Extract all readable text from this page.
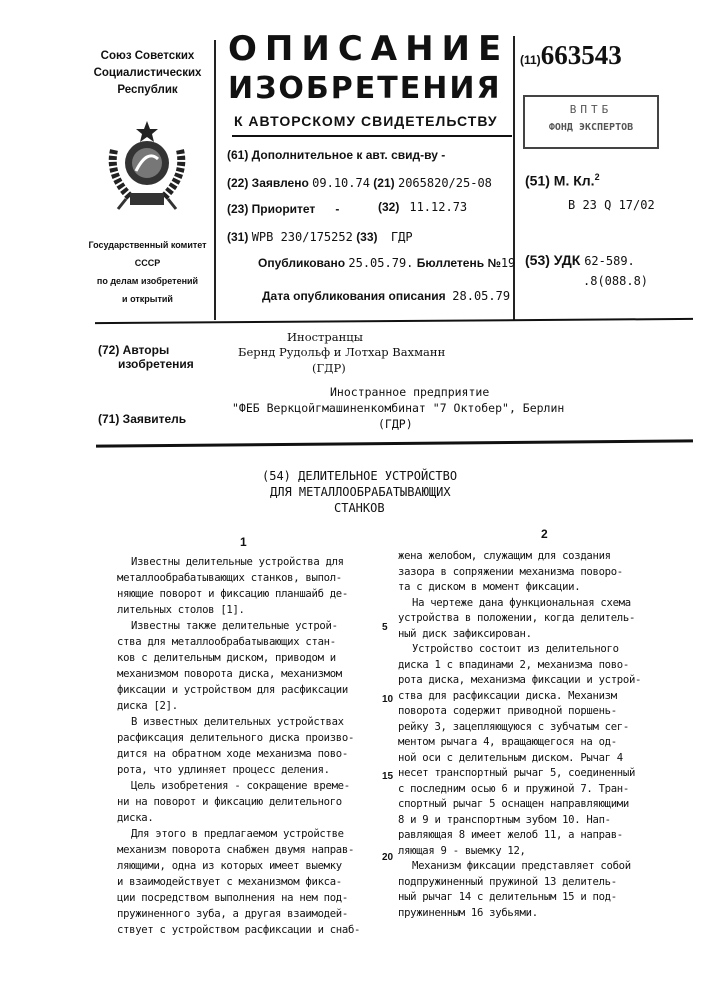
Союз Советских
Социалистических
Республик
Государственный комитет
СССР
по делам изобретений
и открытий
ОПИСАНИЕ
ИЗОБРЕТЕНИЯ
К АВТОРСКОМУ СВИДЕТЕЛЬСТВУ
(11)663543
ВПТБ
ФОНД ЭКСПЕРТОВ
(61) Дополнительное к авт. свид-ву -
(22) Заявлено 09.10.74 (21) 2065820/25-08
(23) Приоритет -	(32) 11.12.73
(31) WPB 230/175252 (33) ГДР
Опубликовано 25.05.79. Бюллетень №19
Дата опубликования описания 28.05.79
(51) М. Кл.2
B 23 Q 17/02
(53) УДК 62-589.
.8(088.8)
(72) Авторы
изобретения
Иностранцы
Бернд Рудольф и Лотхар Вахманн
(ГДР)
(71) Заявитель
Иностранное предприятие
"ФЕБ Веркцойгмашиненкомбинат "7 Октобер", Берлин
(ГДР)
(54) ДЕЛИТЕЛЬНОЕ УСТРОЙСТВО
ДЛЯ МЕТАЛЛООБРАБАТЫВАЮЩИХ
СТАНКОВ
1
2
Известны делительные устройства для
металлообрабатывающих станков, выпол-
няющие поворот и фиксацию планшайб де-
лительных столов [1].
Известны также делительные устрой-
ства для металлообрабатывающих стан-
ков с делительным диском, приводом и
механизмом поворота диска, механизмом
фиксации и устройством для расфиксации
диска [2].
В известных делительных устройствах
расфиксация делительного диска произво-
дится на обратном ходе механизма пово-
рота, что удлиняет процесс деления.
Цель изобретения - сокращение време-
ни на поворот и фиксацию делительного
диска.
Для этого в предлагаемом устройстве
механизм поворота снабжен двумя направ-
ляющими, одна из которых имеет выемку
и взаимодействует с механизмом фикса-
ции посредством выполнения на нем под-
пружиненного зуба, а другая взаимодей-
ствует с устройством расфиксации и снаб-
жена желобом, служащим для создания
зазора в сопряжении механизма поворо-
та с диском в момент фиксации.
На чертеже дана функциональная схема
устройства в положении, когда делитель-
ный диск зафиксирован.
Устройство состоит из делительного
диска 1 с впадинами 2, механизма пово-
рота диска, механизма фиксации и устрой-
ства для расфиксации диска. Механизм
поворота содержит приводной поршень-
рейку 3, зацепляющуюся с зубчатым сег-
ментом рычага 4, вращающегося на од-
ной оси с делительным диском. Рычаг 4
несет транспортный рычаг 5, соединенный
с последним осью 6 и пружиной 7. Тран-
спортный рычаг 5 оснащен направляющими
8 и 9 и транспортным зубом 10. Нап-
равляющая 8 имеет желоб 11, а направ-
ляющая 9 - выемку 12,
Механизм фиксации представляет собой
подпружиненный пружиной 13 делитель-
ный рычаг 14 с делительным 15 и под-
пружиненным 16 зубьями.
5
10
15
20
